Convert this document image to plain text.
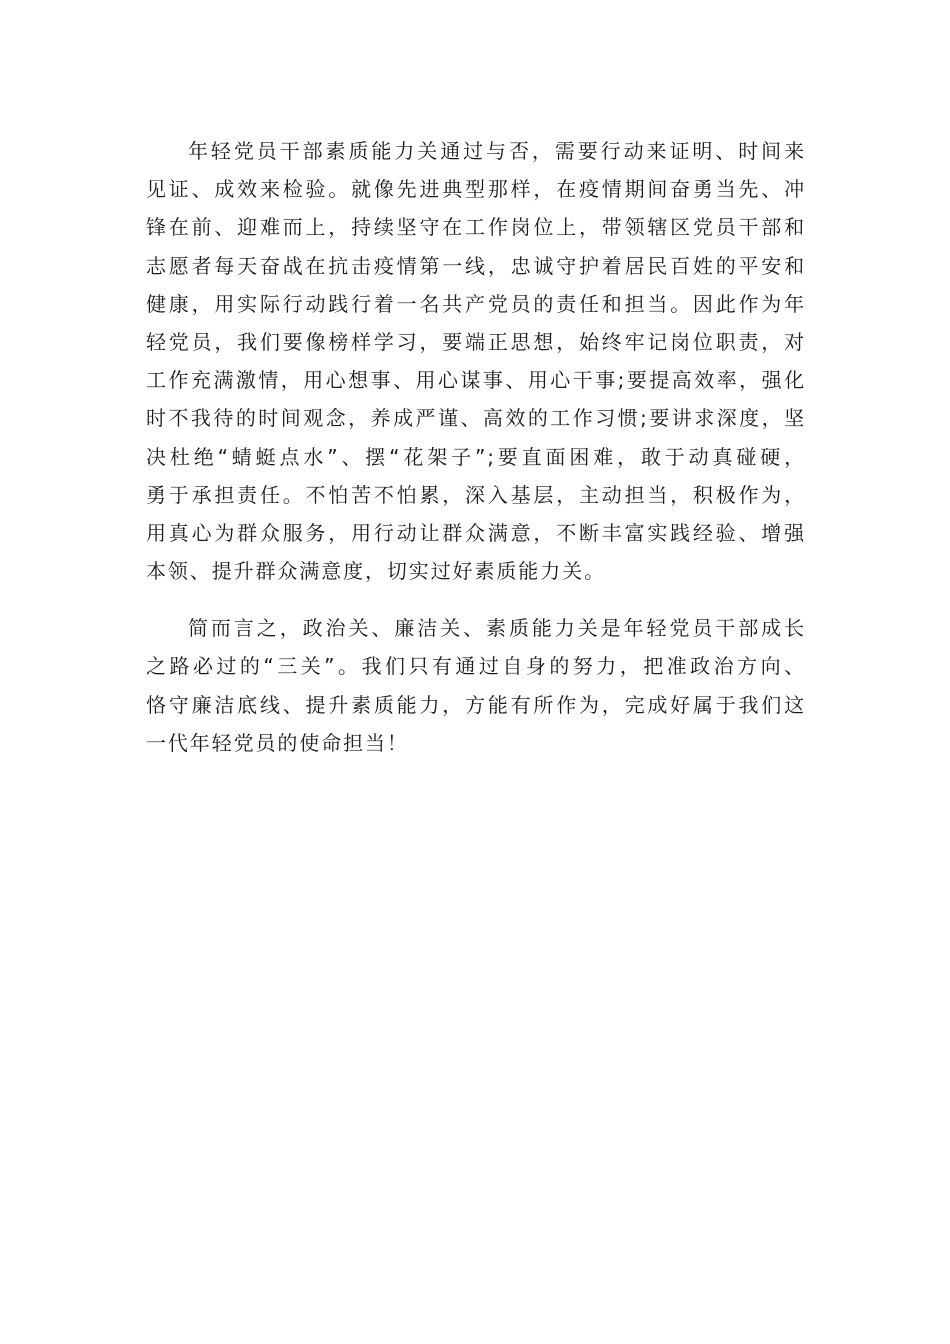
年轻党员干部素质能力关通过与否，需要行动来证明、时间来
见证、成效来检验。就像先进典型那样，在疫情期间奋勇当先、冲
锋在前、迎难而上，持续坚守在工作岗位上，带领辖区党员干部和
志愿者每天奋战在抗击疫情第一线，忠诚守护着居民百姓的平安和
健康，用实际行动践行着一名共产党员的责任和担当。因此作为年
轻党员，我们要像榜样学习，要端正思想，始终牢记岗位职责，对
工作充满激情，用心想事、用心谋事、用心干事;要提高效率，强化
时不我待的时间观念，养成严谨、高效的工作习惯;要讲求深度，坚
决杜绝“蜻蜓点水”、摆“花架子”;要直面困难，敢于动真碰硬，
勇于承担责任。不怕苦不怕累，深入基层，主动担当，积极作为，
用真心为群众服务，用行动让群众满意，不断丰富实践经验、增强
本领、提升群众满意度，切实过好素质能力关。
简而言之，政治关、廉洁关、素质能力关是年轻党员干部成长
之路必过的“三关”。我们只有通过自身的努力，把准政治方向、
恪守廉洁底线、提升素质能力，方能有所作为，完成好属于我们这
一代年轻党员的使命担当！
